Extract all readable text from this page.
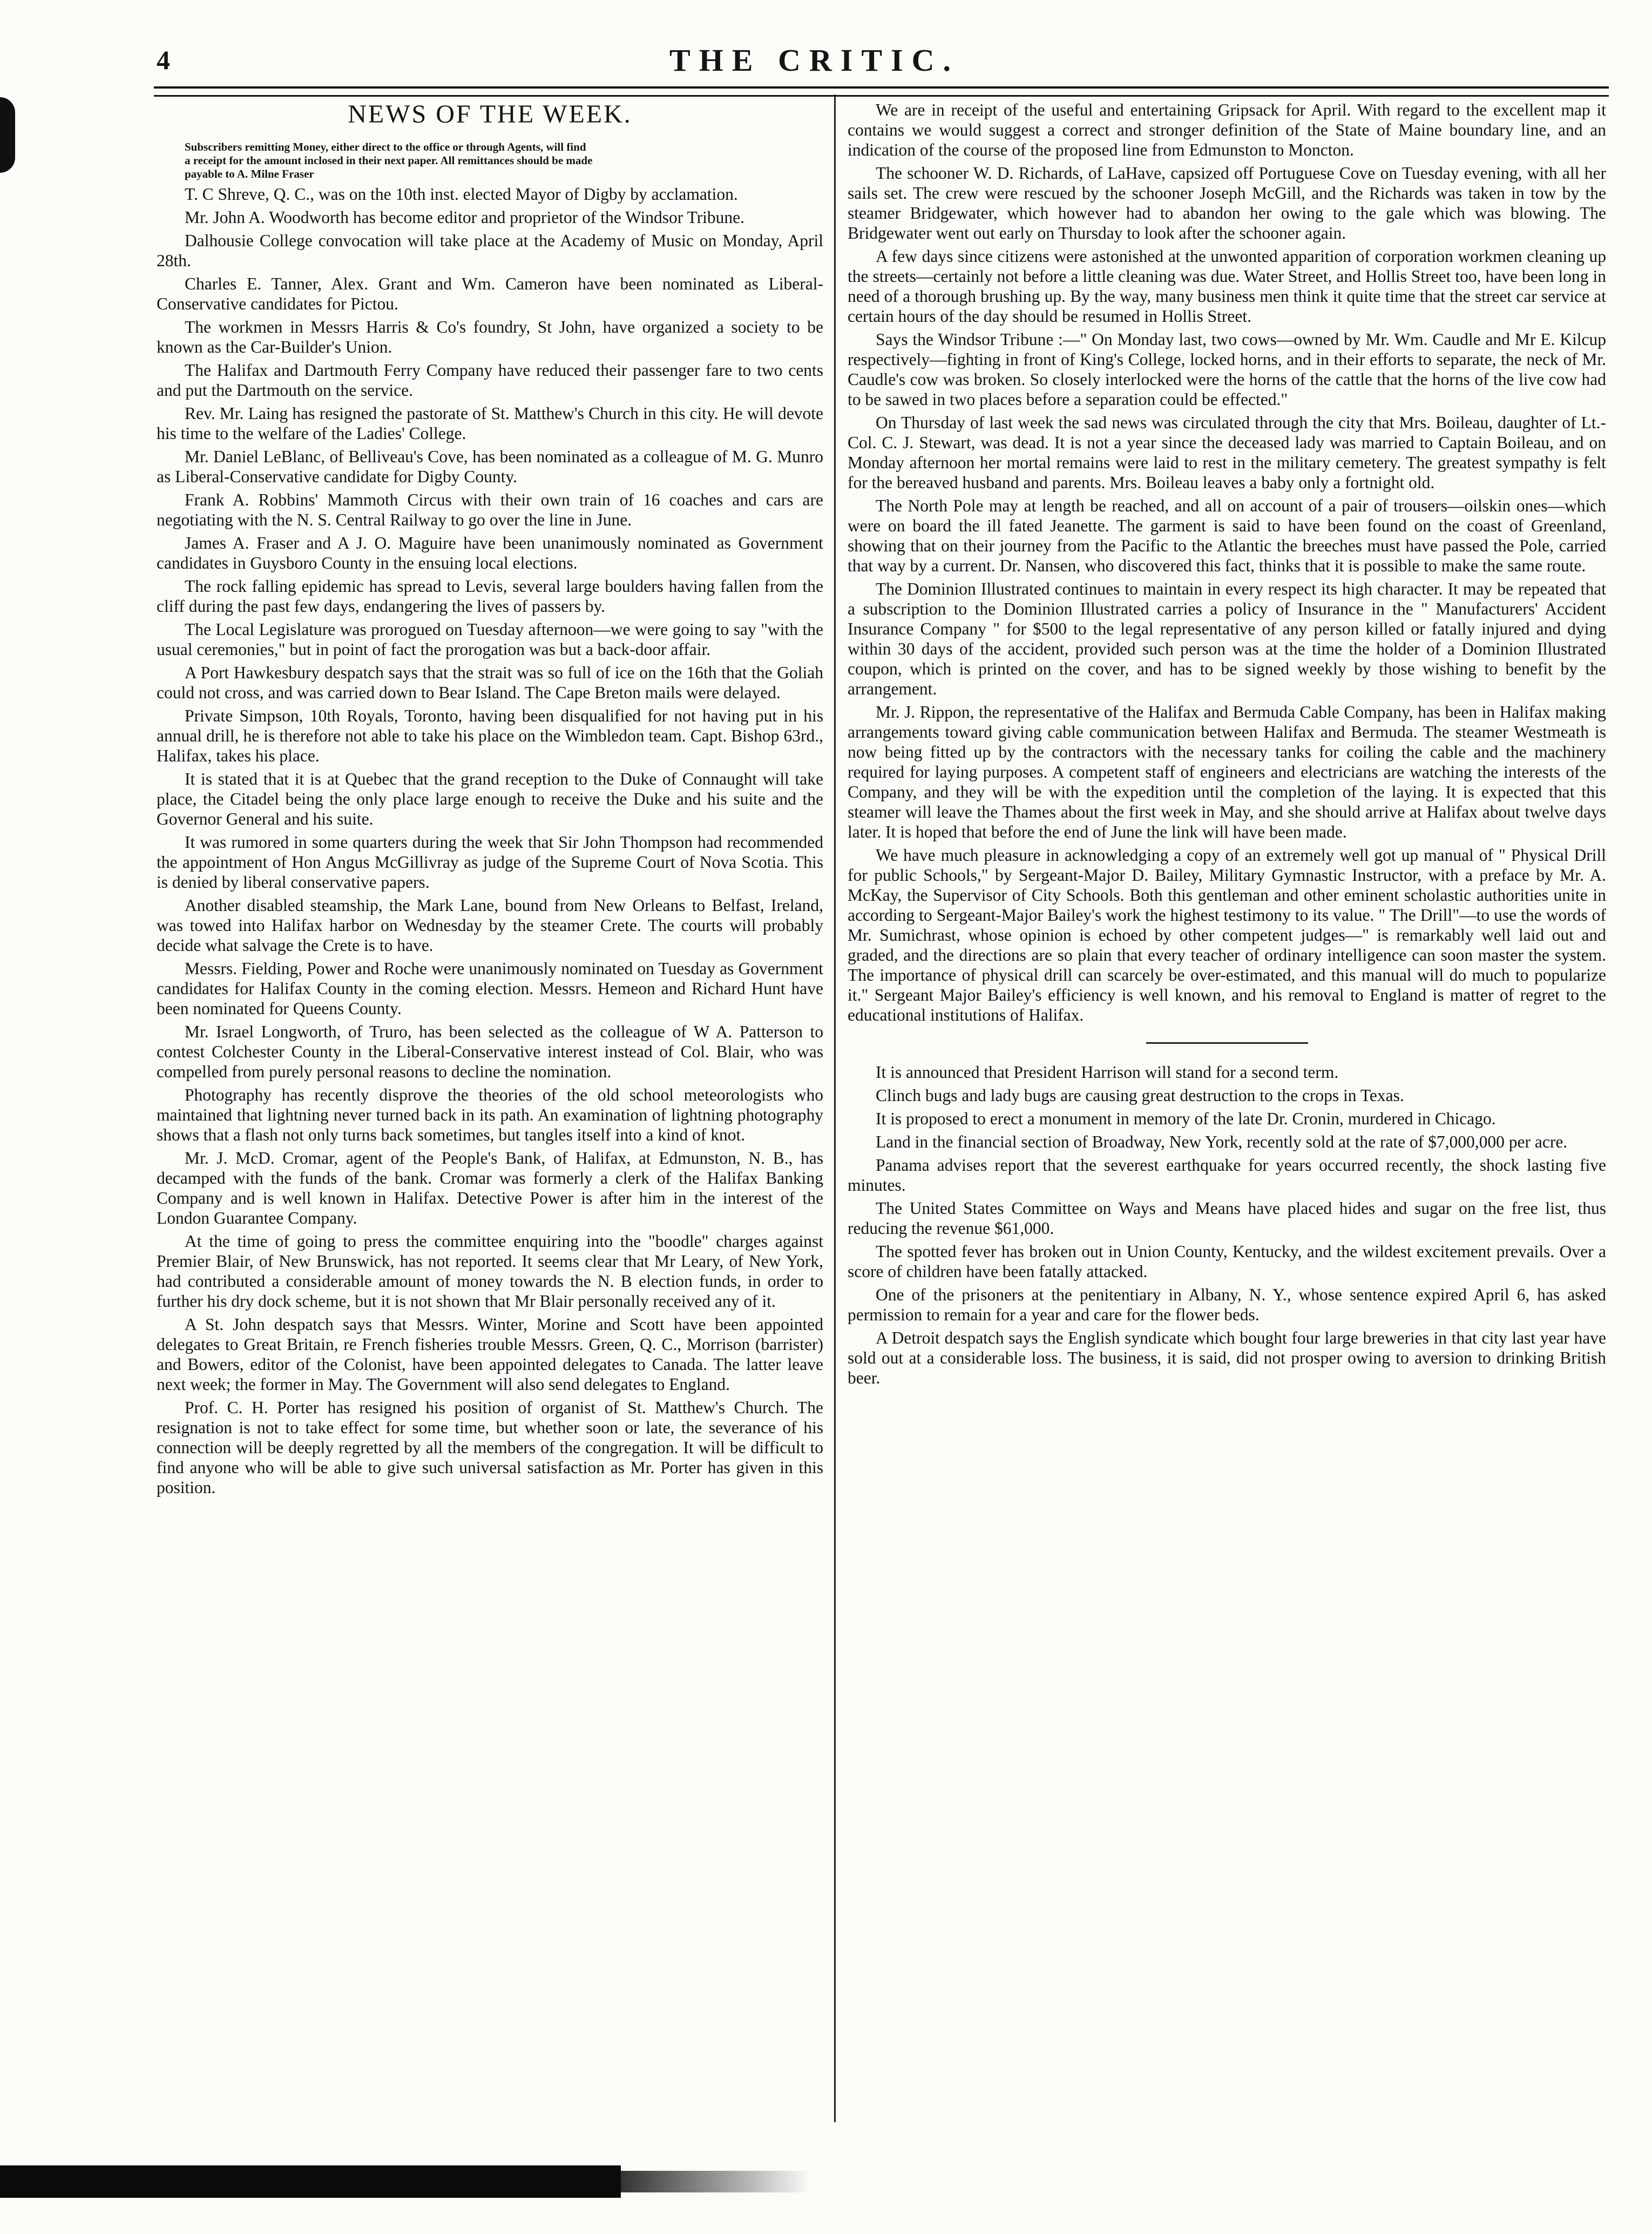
4	THE CRITIC.
NEWS OF THE WEEK.

Subscribers remitting Money, either direct to the office or through Agents, will find
a receipt for the amount inclosed in their next paper. All remittances should be made
payable to A. Milne Fraser

T. C Shreve, Q. C., was on the 10th inst. elected Mayor of Digby by acclamation.

Mr. John A. Woodworth has become editor and proprietor of the Windsor Tribune.

Dalhousie College convocation will take place at the Academy of Music on Monday, April 28th.

Charles E. Tanner, Alex. Grant and Wm. Cameron have been nominated as Liberal-Conservative candidates for Pictou.

The workmen in Messrs Harris & Co's foundry, St John, have organized a society to be known as the Car-Builder's Union.

The Halifax and Dartmouth Ferry Company have reduced their passenger fare to two cents and put the Dartmouth on the service.

Rev. Mr. Laing has resigned the pastorate of St. Matthew's Church in this city. He will devote his time to the welfare of the Ladies' College.

Mr. Daniel LeBlanc, of Belliveau's Cove, has been nominated as a colleague of M. G. Munro as Liberal-Conservative candidate for Digby County.

Frank A. Robbins' Mammoth Circus with their own train of 16 coaches and cars are negotiating with the N. S. Central Railway to go over the line in June.

James A. Fraser and A J. O. Maguire have been unanimously nominated as Government candidates in Guysboro County in the ensuing local elections.

The rock falling epidemic has spread to Levis, several large boulders having fallen from the cliff during the past few days, endangering the lives of passers by.

The Local Legislature was prorogued on Tuesday afternoon—we were going to say "with the usual ceremonies," but in point of fact the prorogation was but a back-door affair.

A Port Hawkesbury despatch says that the strait was so full of ice on the 16th that the Goliah could not cross, and was carried down to Bear Island. The Cape Breton mails were delayed.

Private Simpson, 10th Royals, Toronto, having been disqualified for not having put in his annual drill, he is therefore not able to take his place on the Wimbledon team. Capt. Bishop 63rd., Halifax, takes his place.

It is stated that it is at Quebec that the grand reception to the Duke of Connaught will take place, the Citadel being the only place large enough to receive the Duke and his suite and the Governor General and his suite.

It was rumored in some quarters during the week that Sir John Thompson had recommended the appointment of Hon Angus McGillivray as judge of the Supreme Court of Nova Scotia. This is denied by liberal conservative papers.

Another disabled steamship, the Mark Lane, bound from New Orleans to Belfast, Ireland, was towed into Halifax harbor on Wednesday by the steamer Crete. The courts will probably decide what salvage the Crete is to have.

Messrs. Fielding, Power and Roche were unanimously nominated on Tuesday as Government candidates for Halifax County in the coming election. Messrs. Hemeon and Richard Hunt have been nominated for Queens County.

Mr. Israel Longworth, of Truro, has been selected as the colleague of W A. Patterson to contest Colchester County in the Liberal-Conservative interest instead of Col. Blair, who was compelled from purely personal reasons to decline the nomination.

Photography has recently disprove the theories of the old school meteorologists who maintained that lightning never turned back in its path. An examination of lightning photography shows that a flash not only turns back sometimes, but tangles itself into a kind of knot.

Mr. J. McD. Cromar, agent of the People's Bank, of Halifax, at Edmunston, N. B., has decamped with the funds of the bank. Cromar was formerly a clerk of the Halifax Banking Company and is well known in Halifax. Detective Power is after him in the interest of the London Guarantee Company.

At the time of going to press the committee enquiring into the "boodle" charges against Premier Blair, of New Brunswick, has not reported. It seems clear that Mr Leary, of New York, had contributed a considerable amount of money towards the N. B election funds, in order to further his dry dock scheme, but it is not shown that Mr Blair personally received any of it.

A St. John despatch says that Messrs. Winter, Morine and Scott have been appointed delegates to Great Britain, re French fisheries trouble Messrs. Green, Q. C., Morrison (barrister) and Bowers, editor of the Colonist, have been appointed delegates to Canada. The latter leave next week; the former in May. The Government will also send delegates to England.

Prof. C. H. Porter has resigned his position of organist of St. Matthew's Church. The resignation is not to take effect for some time, but whether soon or late, the severance of his connection will be deeply regretted by all the members of the congregation. It will be difficult to find anyone who will be able to give such universal satisfaction as Mr. Porter has given in this position.

We are in receipt of the useful and entertaining Gripsack for April. With regard to the excellent map it contains we would suggest a correct and stronger definition of the State of Maine boundary line, and an indication of the course of the proposed line from Edmunston to Moncton.

The schooner W. D. Richards, of LaHave, capsized off Portuguese Cove on Tuesday evening, with all her sails set. The crew were rescued by the schooner Joseph McGill, and the Richards was taken in tow by the steamer Bridgewater, which however had to abandon her owing to the gale which was blowing. The Bridgewater went out early on Thursday to look after the schooner again.

A few days since citizens were astonished at the unwonted apparition of corporation workmen cleaning up the streets—certainly not before a little cleaning was due. Water Street, and Hollis Street too, have been long in need of a thorough brushing up. By the way, many business men think it quite time that the street car service at certain hours of the day should be resumed in Hollis Street.

Says the Windsor Tribune :—" On Monday last, two cows—owned by Mr. Wm. Caudle and Mr E. Kilcup respectively—fighting in front of King's College, locked horns, and in their efforts to separate, the neck of Mr. Caudle's cow was broken. So closely interlocked were the horns of the cattle that the horns of the live cow had to be sawed in two places before a separation could be effected."

On Thursday of last week the sad news was circulated through the city that Mrs. Boileau, daughter of Lt.-Col. C. J. Stewart, was dead. It is not a year since the deceased lady was married to Captain Boileau, and on Monday afternoon her mortal remains were laid to rest in the military cemetery. The greatest sympathy is felt for the bereaved husband and parents. Mrs. Boileau leaves a baby only a fortnight old.

The North Pole may at length be reached, and all on account of a pair of trousers—oilskin ones—which were on board the ill fated Jeanette. The garment is said to have been found on the coast of Greenland, showing that on their journey from the Pacific to the Atlantic the breeches must have passed the Pole, carried that way by a current. Dr. Nansen, who discovered this fact, thinks that it is possible to make the same route.

The Dominion Illustrated continues to maintain in every respect its high character. It may be repeated that a subscription to the Dominion Illustrated carries a policy of Insurance in the " Manufacturers' Accident Insurance Company " for $500 to the legal representative of any person killed or fatally injured and dying within 30 days of the accident, provided such person was at the time the holder of a Dominion Illustrated coupon, which is printed on the cover, and has to be signed weekly by those wishing to benefit by the arrangement.

Mr. J. Rippon, the representative of the Halifax and Bermuda Cable Company, has been in Halifax making arrangements toward giving cable communication between Halifax and Bermuda. The steamer Westmeath is now being fitted up by the contractors with the necessary tanks for coiling the cable and the machinery required for laying purposes. A competent staff of engineers and electricians are watching the interests of the Company, and they will be with the expedition until the completion of the laying. It is expected that this steamer will leave the Thames about the first week in May, and she should arrive at Halifax about twelve days later. It is hoped that before the end of June the link will have been made.

We have much pleasure in acknowledging a copy of an extremely well got up manual of " Physical Drill for public Schools," by Sergeant-Major D. Bailey, Military Gymnastic Instructor, with a preface by Mr. A. McKay, the Supervisor of City Schools. Both this gentleman and other eminent scholastic authorities unite in according to Sergeant-Major Bailey's work the highest testimony to its value. " The Drill"—to use the words of Mr. Sumichrast, whose opinion is echoed by other competent judges—" is remarkably well laid out and graded, and the directions are so plain that every teacher of ordinary intelligence can soon master the system. The importance of physical drill can scarcely be over-estimated, and this manual will do much to popularize it." Sergeant Major Bailey's efficiency is well known, and his removal to England is matter of regret to the educational institutions of Halifax.

It is announced that President Harrison will stand for a second term.

Clinch bugs and lady bugs are causing great destruction to the crops in Texas.

It is proposed to erect a monument in memory of the late Dr. Cronin, murdered in Chicago.

Land in the financial section of Broadway, New York, recently sold at the rate of $7,000,000 per acre.

Panama advises report that the severest earthquake for years occurred recently, the shock lasting five minutes.

The United States Committee on Ways and Means have placed hides and sugar on the free list, thus reducing the revenue $61,000.

The spotted fever has broken out in Union County, Kentucky, and the wildest excitement prevails. Over a score of children have been fatally attacked.

One of the prisoners at the penitentiary in Albany, N. Y., whose sentence expired April 6, has asked permission to remain for a year and care for the flower beds.

A Detroit despatch says the English syndicate which bought four large breweries in that city last year have sold out at a considerable loss. The business, it is said, did not prosper owing to aversion to drinking British beer.
